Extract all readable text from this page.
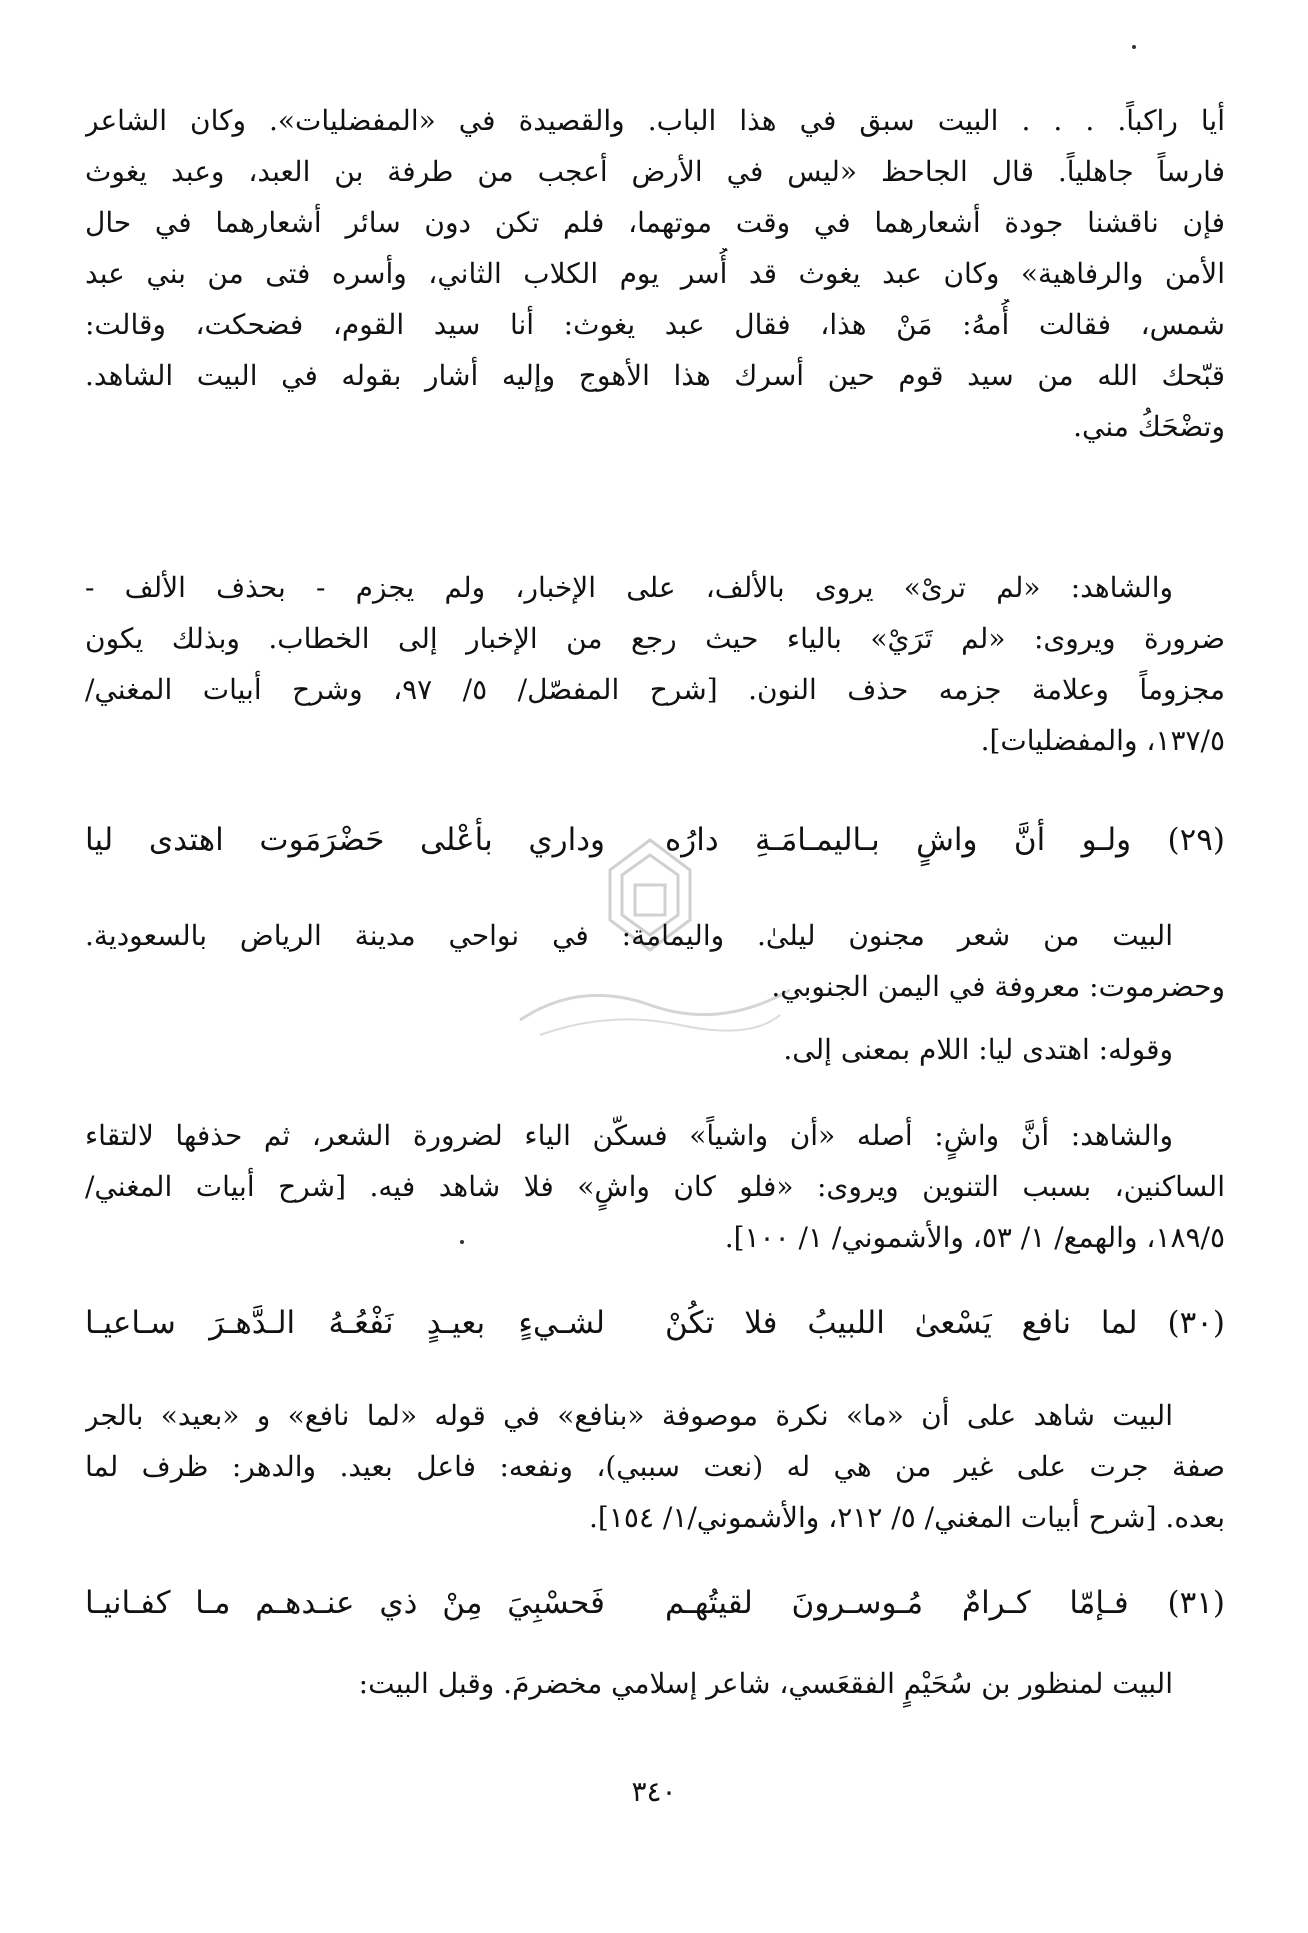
أيا راكباً. . . . البيت سبق في هذا الباب. والقصيدة في «المفضليات». وكان الشاعر
فارساً جاهلياً. قال الجاحظ «ليس في الأرض أعجب من طرفة بن العبد، وعبد يغوث
فإن ناقشنا جودة أشعارهما في وقت موتهما، فلم تكن دون سائر أشعارهما في حال
الأمن والرفاهية» وكان عبد يغوث قد أُسر يوم الكلاب الثاني، وأسره فتى من بني عبد
شمس، فقالت أُمهُ: مَنْ هذا، فقال عبد يغوث: أنا سيد القوم، فضحكت، وقالت:
قبّحك الله من سيد قوم حين أسرك هذا الأهوج وإليه أشار بقوله في البيت الشاهد.
وتضْحَكُ مني.
والشاهد: «لم ترىْ» يروى بالألف، على الإخبار، ولم يجزم - بحذف الألف -
ضرورة ويروى: «لم تَرَيْ» بالياء حيث رجع من الإخبار إلى الخطاب. وبذلك يكون
مجزوماً وعلامة جزمه حذف النون. [شرح المفصّل/ ٥/ ٩٧، وشرح أبيات المغني/
١٣٧/٥، والمفضليات].
(٢٩) ولـو أنَّ واشٍ بـاليمـامَـةِ دارُه
وداري بأعْلى حَضْرَمَوت اهتدى ليا
البيت من شعر مجنون ليلىٰ. واليمامة: في نواحي مدينة الرياض بالسعودية.
وحضرموت: معروفة في اليمن الجنوبي.
وقوله: اهتدى ليا: اللام بمعنى إلى.
والشاهد: أنَّ واشٍ: أصله «أن واشياً» فسكّن الياء لضرورة الشعر، ثم حذفها لالتقاء
الساكنين، بسبب التنوين ويروى: «فلو كان واشٍ» فلا شاهد فيه. [شرح أبيات المغني/
١٨٩/٥، والهمع/ ١/ ٥٣، والأشموني/ ١/ ١٠٠].
(٣٠) لما نافع يَسْعىٰ اللبيبُ فلا تكُنْ
لشـيءٍ بعيـدٍ نَفْعُـهُ الـدَّهـرَ سـاعيـا
البيت شاهد على أن «ما» نكرة موصوفة «بنافع» في قوله «لما نافع» و «بعيد» بالجر
صفة جرت على غير من هي له (نعت سببي)، ونفعه: فاعل بعيد. والدهر: ظرف لما
بعده. [شرح أبيات المغني/ ٥/ ٢١٢، والأشموني/١/ ١٥٤].
(٣١) فـإمّا كـرامٌ مُـوسـرونَ لقيتُهـم
فَحسْبِيَ مِنْ ذي عنـدهـم مـا كفـانيـا
البيت لمنظور بن سُحَيْمٍ الفقعَسي، شاعر إسلامي مخضرمَ. وقبل البيت:
٣٤٠
